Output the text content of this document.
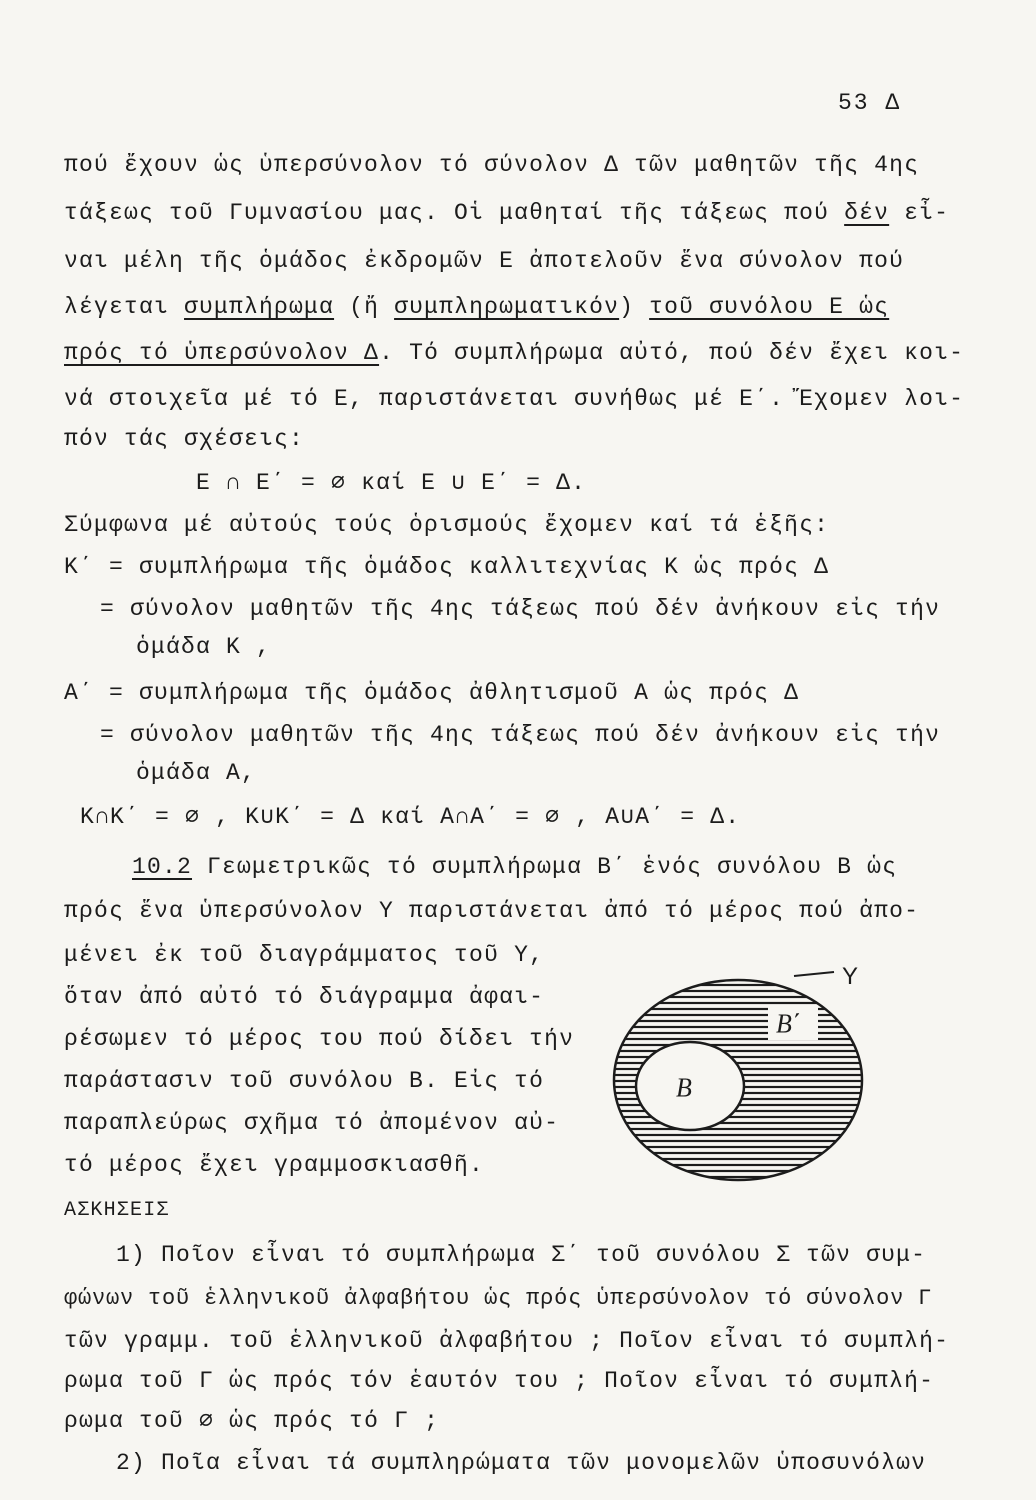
53 Δ
πού ἔχουν ὡς ὑπερσύνολον τό σύνολον Δ τῶν μαθητῶν τῆς 4ης
τάξεως τοῦ Γυμνασίου μας. Οἱ μαθηταί τῆς τάξεως πού δέν εἶ-
ναι μέλη τῆς ὁμάδος ἐκδρομῶν Ε ἀποτελοῦν ἕνα σύνολον πού
λέγεται συμπλήρωμα (ἤ συμπληρωματικόν) τοῦ συνόλου Ε ὡς
πρός τό ὑπερσύνολον Δ. Τό συμπλήρωμα αὐτό, πού δέν ἔχει κοι-
νά στοιχεῖα μέ τό Ε, παριστάνεται συνήθως μέ Ε΄. Ἔχομεν λοι-
πόν τάς σχέσεις:
Ε ∩ Ε΄ = ∅ καί Ε ∪ Ε΄ = Δ.
Σύμφωνα μέ αὐτούς τούς ὁρισμούς ἔχομεν καί τά ἑξῆς:
Κ΄ = συμπλήρωμα τῆς ὁμάδος καλλιτεχνίας Κ ὡς πρός Δ
= σύνολον μαθητῶν τῆς 4ης τάξεως πού δέν ἀνήκουν εἰς τήν
ὁμάδα Κ ,
Α΄ = συμπλήρωμα τῆς ὁμάδος ἀθλητισμοῦ Α ὡς πρός Δ
= σύνολον μαθητῶν τῆς 4ης τάξεως πού δέν ἀνήκουν εἰς τήν
ὁμάδα Α,
Κ∩Κ΄ = ∅ , Κ∪Κ΄ = Δ καί Α∩Α΄ = ∅ , Α∪Α΄ = Δ.
10.2 Γεωμετρικῶς τό συμπλήρωμα Β΄ ἑνός συνόλου Β ὡς
πρός ἕνα ὑπερσύνολον Υ παριστάνεται ἀπό τό μέρος πού ἀπο-
μένει ἐκ τοῦ διαγράμματος τοῦ Υ,
ὅταν ἀπό αὐτό τό διάγραμμα ἀφαι-
ρέσωμεν τό μέρος του πού δίδει τήν
παράστασιν τοῦ συνόλου Β. Εἰς τό
παραπλεύρως σχῆμα τό ἀπομένον αὐ-
τό μέρος ἔχει γραμμοσκιασθῆ.
ΑΣΚΗΣΕΙΣ
1) Ποῖον εἶναι τό συμπλήρωμα Σ΄ τοῦ συνόλου Σ τῶν συμ-
φώνων τοῦ ἑλληνικοῦ ἀλφαβήτου ὡς πρός ὑπερσύνολον τό σύνολον Γ
τῶν γραμμ. τοῦ ἑλληνικοῦ ἀλφαβήτου ; Ποῖον εἶναι τό συμπλή-
ρωμα τοῦ Γ ὡς πρός τόν ἑαυτόν του ; Ποῖον εἶναι τό συμπλή-
ρωμα τοῦ ∅ ὡς πρός τό Γ ;
2) Ποῖα εἶναι τά συμπληρώματα τῶν μονομελῶν ὑποσυνόλων
Υ
Β΄
Β
